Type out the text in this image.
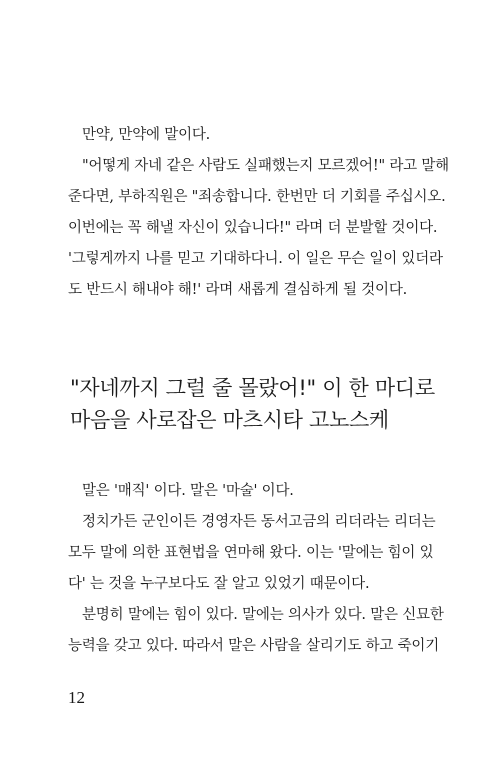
만약, 만약에 말이다.
"어떻게 자네 같은 사람도 실패했는지 모르겠어!" 라고 말해
준다면, 부하직원은 "죄송합니다. 한번만 더 기회를 주십시오.
이번에는 꼭 해낼 자신이 있습니다!" 라며 더 분발할 것이다.
'그렇게까지 나를 믿고 기대하다니. 이 일은 무슨 일이 있더라
도 반드시 해내야 해!' 라며 새롭게 결심하게 될 것이다.
"자네까지 그럴 줄 몰랐어!" 이 한 마디로
마음을 사로잡은 마츠시타 고노스케
말은 '매직' 이다. 말은 '마술' 이다.
정치가든 군인이든 경영자든 동서고금의 리더라는 리더는
모두 말에 의한 표현법을 연마해 왔다. 이는 '말에는 힘이 있
다' 는 것을 누구보다도 잘 알고 있었기 때문이다.
분명히 말에는 힘이 있다. 말에는 의사가 있다. 말은 신묘한
능력을 갖고 있다. 따라서 말은 사람을 살리기도 하고 죽이기
12
